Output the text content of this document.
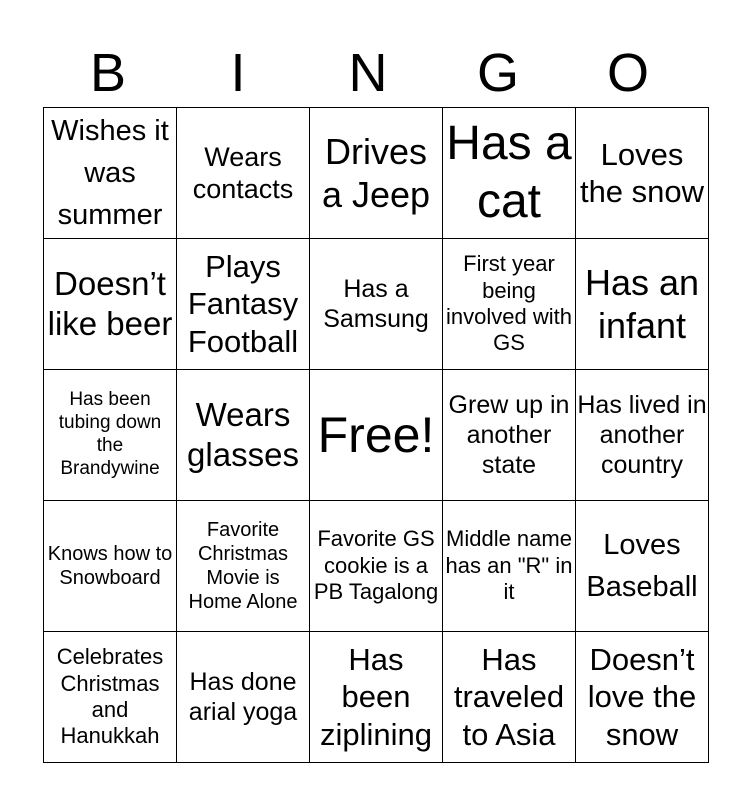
B	I	N	G	O
Wishes it was summer	Wears contacts	Drives a Jeep	Has a cat	Loves the snow
Doesn’t like beer	Plays Fantasy Football	Has a Samsung	First year being involved with GS	Has an infant
Has been tubing down the Brandywine	Wears glasses	Free!	Grew up in another state	Has lived in another country
Knows how to Snowboard	Favorite Christmas Movie is Home Alone	Favorite GS cookie is a PB Tagalong	Middle name has an "R" in it	Loves Baseball
Celebrates Christmas and Hanukkah	Has done arial yoga	Has been ziplining	Has traveled to Asia	Doesn’t love the snow
